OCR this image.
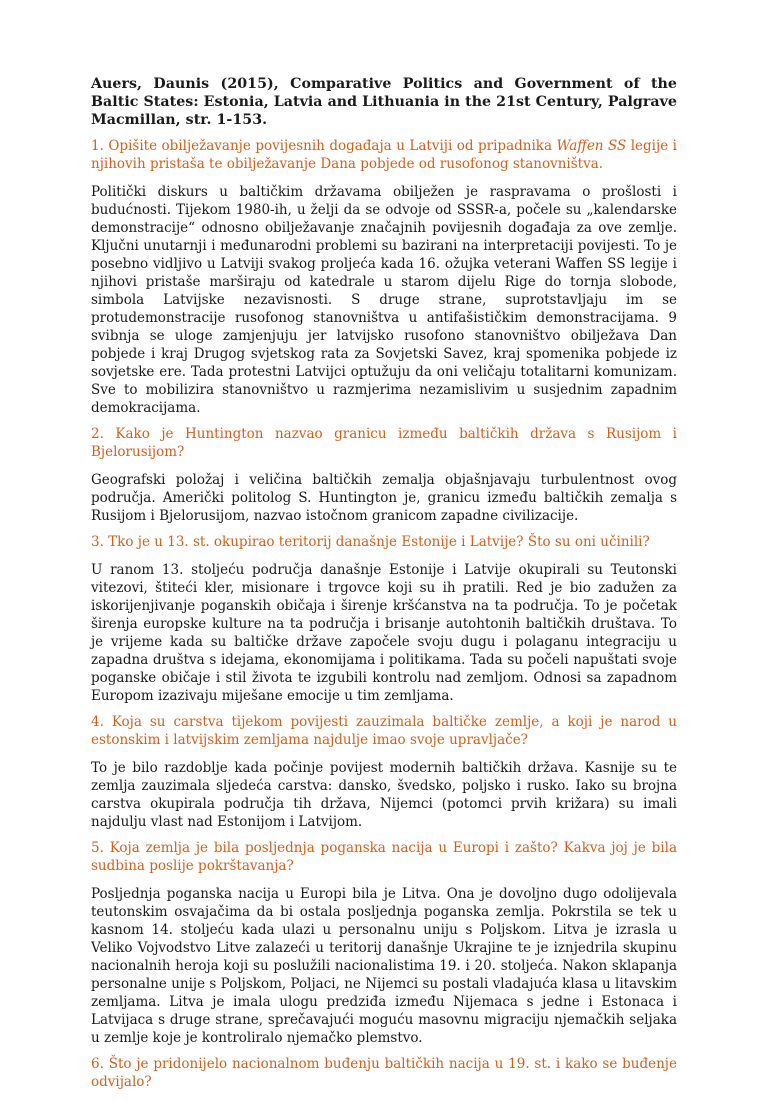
Auers, Daunis (2015), Comparative Politics and Government of the Baltic States: Estonia, Latvia and Lithuania in the 21st Century, Palgrave Macmillan, str. 1-153.

1. Opišite obilježavanje povijesnih događaja u Latviji od pripadnika Waffen SS legije i njihovih pristaša te obilježavanje Dana pobjede od rusofonog stanovništva.

Politički diskurs u baltičkim državama obilježen je raspravama o prošlosti i budućnosti. Tijekom 1980-ih, u želji da se odvoje od SSSR-a, počele su „kalendarske demonstracije“ odnosno obilježavanje značajnih povijesnih događaja za ove zemlje. Ključni unutarnji i međunarodni problemi su bazirani na interpretaciji povijesti. To je posebno vidljivo u Latviji svakog proljeća kada 16. ožujka veterani Waffen SS legije i njihovi pristaše marširaju od katedrale u starom dijelu Rige do tornja slobode, simbola Latvijske nezavisnosti. S druge strane, suprotstavljaju im se protudemonstracije rusofonog stanovništva u antifašističkim demonstracijama. 9 svibnja se uloge zamjenjuju jer latvijsko rusofono stanovništvo obilježava Dan pobjede i kraj Drugog svjetskog rata za Sovjetski Savez, kraj spomenika pobjede iz sovjetske ere. Tada protestni Latvijci optužuju da oni veličaju totalitarni komunizam. Sve to mobilizira stanovništvo u razmjerima nezamislivim u susjednim zapadnim demokracijama.

2. Kako je Huntington nazvao granicu između baltičkih država s Rusijom i Bjelorusijom?

Geografski položaj i veličina baltičkih zemalja objašnjavaju turbulentnost ovog područja. Američki politolog S. Huntington je, granicu između baltičkih zemalja s Rusijom i Bjelorusijom, nazvao istočnom granicom zapadne civilizacije.

3. Tko je u 13. st. okupirao teritorij današnje Estonije i Latvije? Što su oni učinili?

U ranom 13. stoljeću područja današnje Estonije i Latvije okupirali su Teutonski vitezovi, štiteći kler, misionare i trgovce koji su ih pratili. Red je bio zadužen za iskorijenjivanje poganskih običaja i širenje kršćanstva na ta područja. To je početak širenja europske kulture na ta područja i brisanje autohtonih baltičkih društava. To je vrijeme kada su baltičke države započele svoju dugu i polaganu integraciju u zapadna društva s idejama, ekonomijama i politikama. Tada su počeli napuštati svoje poganske običaje i stil života te izgubili kontrolu nad zemljom. Odnosi sa zapadnom Europom izazivaju miješane emocije u tim zemljama.

4. Koja su carstva tijekom povijesti zauzimala baltičke zemlje, a koji je narod u estonskim i latvijskim zemljama najdulje imao svoje upravljače?

To je bilo razdoblje kada počinje povijest modernih baltičkih država. Kasnije su te zemlja zauzimala sljedeća carstva: dansko, švedsko, poljsko i rusko. Iako su brojna carstva okupirala područja tih država, Nijemci (potomci prvih križara) su imali najdulju vlast nad Estonijom i Latvijom.

5. Koja zemlja je bila posljednja poganska nacija u Europi i zašto? Kakva joj je bila sudbina poslije pokrštavanja?

Posljednja poganska nacija u Europi bila je Litva. Ona je dovoljno dugo odolijevala teutonskim osvajačima da bi ostala posljednja poganska zemlja. Pokrstila se tek u kasnom 14. stoljeću kada ulazi u personalnu uniju s Poljskom. Litva je izrasla u Veliko Vojvodstvo Litve zalazeći u teritorij današnje Ukrajine te je iznjedrila skupinu nacionalnih heroja koji su poslužili nacionalistima 19. i 20. stoljeća. Nakon sklapanja personalne unije s Poljskom, Poljaci, ne Nijemci su postali vladajuća klasa u litavskim zemljama. Litva je imala ulogu predziđa između Nijemaca s jedne i Estonaca i Latvijaca s druge strane, sprečavajući moguću masovnu migraciju njemačkih seljaka u zemlje koje je kontroliralo njemačko plemstvo.

6. Što je pridonijelo nacionalnom buđenju baltičkih nacija u 19. st. i kako se buđenje odvijalo?
